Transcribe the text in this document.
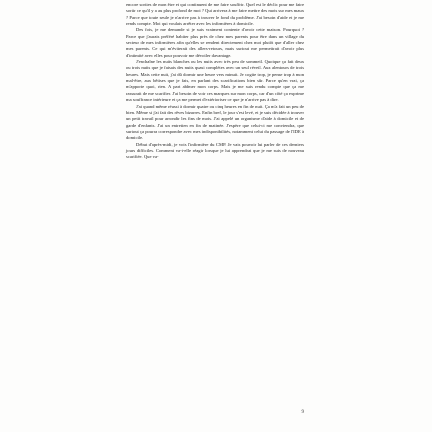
encore sorties de mon être et qui continuent de me faire souffrir. Quel est le déclic pour me faire sortir ce qu'il y a au plus profond de moi ? Qui arrivera à me faire mettre des mots sur mes maux ? Parce que toute seule je n'arrive pas à trouver le fond du problème. J'ai besoin d'aide et je me rends compte. Moi qui voulais arrêter avec les infirmières à domicile.

Des fois, je me demande si je suis vraiment contente d'avoir cette maison. Pourquoi ? Parce que j'aurais préféré habiter plus près de chez mes parents pour être dans un village du secteur de mes infirmières afin qu'elles se rendent directement chez moi plutôt que d'aller chez mes parents. Ce qui m'éviterait des allers-retours, mais surtout me permettrait d'avoir plus d'intimité avec elles pour pouvoir me dévoiler davantage.

J'enchaîne les nuits blanches ou les nuits avec très peu de sommeil. Quoique ça fait deux ou trois nuits que je faisais des nuits quasi complètes avec un seul réveil. Aux alentours de trois heures. Mais cette nuit, j'ai dû dormir une heure vers minuit. Je cogite trop, je pense trop à mon mal-être, aux bêtises que je fais, en parlant des scarifications bien sûr. Parce qu'en vrai, ça m'apporte quoi, rien. A part abîmer mon corps. Mais je me suis rendu compte que ça me rassurait de me scarifier. J'ai besoin de voir ces marques sur mon corps, car d'un côté ça exprime ma souffrance intérieure et ça me permet d'extérioriser ce que je n'arrive pas à dire.

J'ai quand même réussi à dormir quatre ou cinq heures en fin de nuit. Ça m'a fait un peu de bien. Même si j'ai fait des rêves bizarres. Enfin bref, le jour s'est levé, et je suis décidée à trouver un petit travail pour arrondir les fins de mois. J'ai appelé un organisme d'aide à domicile et de garde d'enfants. J'ai un entretien en fin de matinée. J'espère que celui-ci me conviendra, que surtout ça pourra correspondre avec mes indisponibilités, notamment celui du passage de l'IDE à domicile.

Début d'après-midi, je vois l'infirmière du CMP. Je vais pouvoir lui parler de ces derniers jours difficiles. Comment va-t-elle réagir lorsque je lui apprendrai que je me suis de nouveau scarifiée. Que va-

9
